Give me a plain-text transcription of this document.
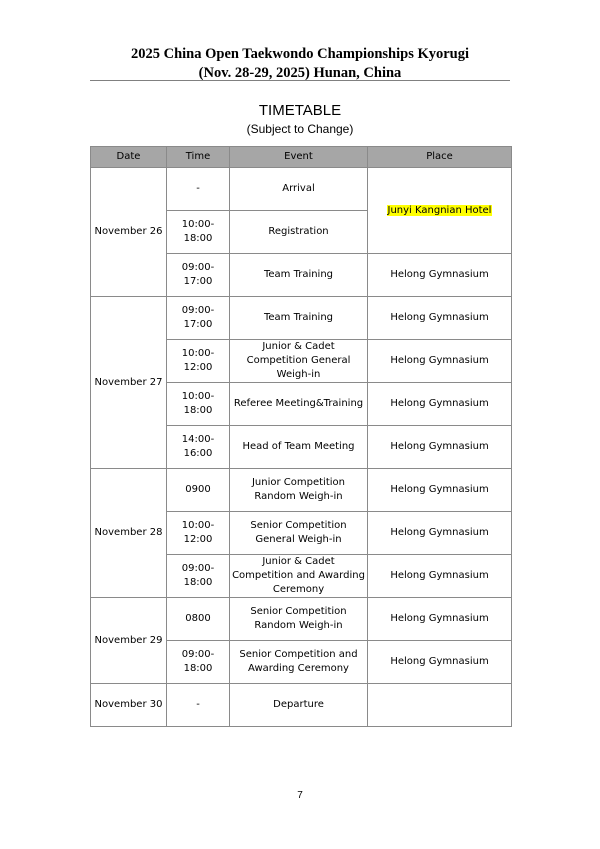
2025 China Open Taekwondo Championships Kyorugi
(Nov. 28-29, 2025) Hunan, China
TIMETABLE
(Subject to Change)
Date	Time	Event	Place
November 26	-	Arrival	Junyi Kangnian Hotel
	10:00-18:00	Registration	
	09:00-17:00	Team Training	Helong Gymnasium
November 27	09:00-17:00	Team Training	Helong Gymnasium
	10:00- 12:00	Junior & Cadet Competition General Weigh-in	Helong Gymnasium
	10:00-18:00	Referee Meeting&Training	Helong Gymnasium
	14:00- 16:00	Head of Team Meeting	Helong Gymnasium
November 28	0900	Junior Competition Random Weigh-in	Helong Gymnasium
	10:00- 12:00	Senior Competition General Weigh-in	Helong Gymnasium
	09:00-18:00	Junior & Cadet Competition and Awarding Ceremony	Helong Gymnasium
November 29	0800	Senior Competition Random Weigh-in	Helong Gymnasium
	09:00-18:00	Senior Competition and Awarding Ceremony	Helong Gymnasium
November 30	-	Departure	
7
